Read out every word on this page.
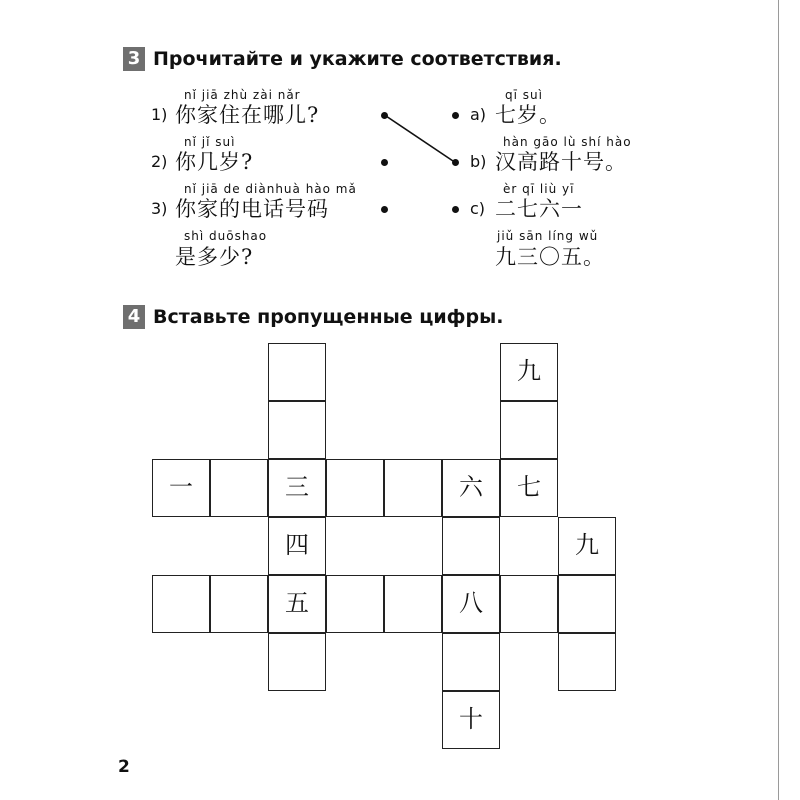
3 Прочитайте и укажите соответствия.
nǐ jiā zhù zài nǎr
1) 你家住在哪儿?
nǐ jǐ suì
2) 你几岁?
nǐ jiā de diànhuà hào mǎ
3) 你家的电话号码
shì duōshao
是多少?
qī suì
a) 七岁。
hàn gāo lù shí hào
b) 汉高路十号。
èr qī liù yī
c) 二七六一
jiǔ sān líng wǔ
九三〇五。
4 Вставьте пропущенные цифры.
九
一	三	六	七
四	九
五	八
十
2
